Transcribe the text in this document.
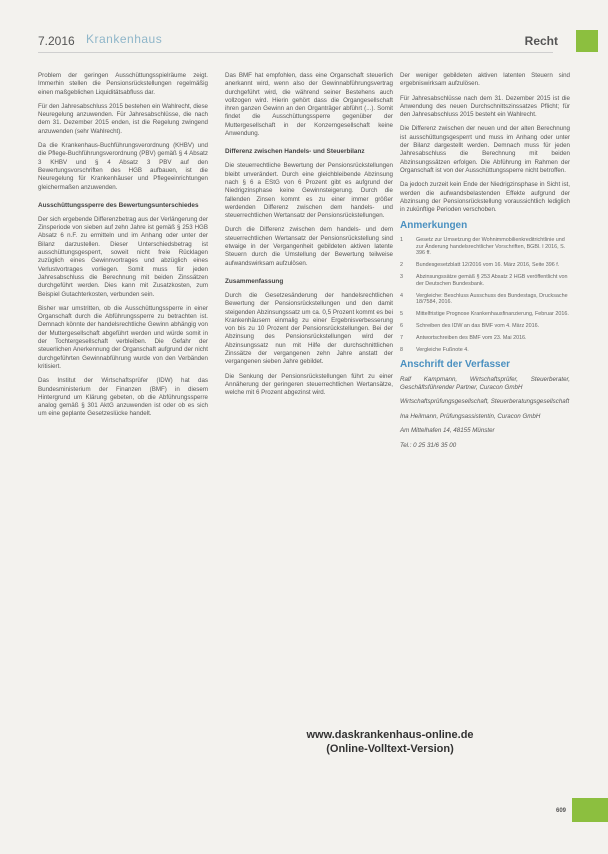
7.2016 Krankenhaus	Recht

Problem der geringen Ausschüttungsspielräume zeigt. Immerhin stellen die Pensionsrückstellungen regelmäßig einen maßgeblichen Liquiditätsabfluss dar.

Für den Jahresabschluss 2015 bestehen ein Wahlrecht, diese Neuregelung anzuwenden. Für Jahresabschlüsse, die nach dem 31. Dezember 2015 enden, ist die Regelung zwingend anzuwenden (sehr Wahlrecht).

Da die Krankenhaus-Buchführungsverordnung (KHBV) und die Pflege-Buchführungsverordnung (PBV) gemäß § 4 Absatz 3 KHBV und § 4 Absatz 3 PBV auf den Bewertungsvorschriften des HGB aufbauen, ist die Neuregelung für Krankenhäuser und Pflegeeinrichtungen gleichermaßen anzuwenden.

Ausschüttungssperre des Bewertungsunterschiedes

Der sich ergebende Differenzbetrag aus der Verlängerung der Zinsperiode von sieben auf zehn Jahre ist gemäß § 253 HGB Absatz 6 n.F. zu ermitteln und im Anhang oder unter der Bilanz darzustellen. Dieser Unterschiedsbetrag ist ausschüttungsgesperrt, soweit nicht freie Rücklagen zuzüglich eines Gewinnvortrages und abzüglich eines Verlustvortrages vorliegen. Somit muss für jeden Jahresabschluss die Berechnung mit beiden Zinssätzen durchgeführt werden. Dies kann mit Zusatzkosten, zum Beispiel Gutachterkosten, verbunden sein.

Bisher war umstritten, ob die Ausschüttungssperre in einer Organschaft durch die Abführungssperre zu betrachten ist. Demnach könnte der handelsrechtliche Gewinn abhängig von der Muttergesellschaft abgeführt werden und würde somit in der Tochtergesellschaft verbleiben. Die Gefahr der steuerlichen Anerkennung der Organschaft aufgrund der nicht durchgeführten Gewinnabführung wurde von den Verbänden kritisiert.

Das Institut der Wirtschaftsprüfer (IDW) hat das Bundesministerium der Finanzen (BMF) in diesem Hintergrund um Klärung gebeten, ob die Abführungssperre analog gemäß § 301 AktG anzuwenden ist oder ob es sich um eine geplante Gesetzeslücke handelt.

Das BMF hat empfohlen, dass eine Organschaft steuerlich anerkannt wird, wenn also der Gewinnabführungsvertrag durchgeführt wird, die während seiner Bestehens auch vollzogen wird. Hierin gehört dass die Organgesellschaft ihren ganzen Gewinn an den Organträger abführt (...). Somit findet die Ausschüttungssperre gegenüber der Muttergesellschaft in der Konzerngesellschaft keine Anwendung.

Differenz zwischen Handels- und Steuerbilanz

Die steuerrechtliche Bewertung der Pensionsrückstellungen bleibt unverändert. Durch eine gleichbleibende Abzinsung nach § 6 a EStG von 6 Prozent gibt es aufgrund der Niedrigzinsphase keine Gewinnsteigerung. Durch die fallenden Zinsen kommt es zu einer immer größer werdenden Differenz zwischen dem handels- und steuerrechtlichen Wertansatz der Pensionsrückstellungen.

Durch die Differenz zwischen dem handels- und dem steuerrechtlichen Wertansatz der Pensionsrückstellung sind etwaige in der Vergangenheit gebildeten aktiven latente Steuern durch die Umstellung der Bewertung teilweise aufwandswirksam aufzulösen.

Zusammenfassung

Durch die Gesetzesänderung der handelsrechtlichen Bewertung der Pensionsrückstellungen und den damit steigenden Abzinsungssatz um ca. 0,5 Prozent kommt es bei Krankenhäusern einmalig zu einer Ergebnisverbesserung von bis zu 10 Prozent der Pensionsrückstellungen. Bei der Abzinsung des Pensionsrückstellungen wird der Abzinsungssatz nun mit Hilfe der durchschnittlichen Zinssätze der vergangenen zehn Jahre anstatt der vergangenen sieben Jahre gebildet.

Die Senkung der Pensionsrückstellungen führt zu einer Annäherung der geringeren steuerrechtlichen Wertansätze, welche mit 6 Prozent abgezinst wird.

Der weniger gebildeten aktiven latenten Steuern sind ergebniswirksam aufzulösen.

Für Jahresabschlüsse nach dem 31. Dezember 2015 ist die Anwendung des neuen Durchschnittszinssatzes Pflicht; für den Jahresabschluss 2015 besteht ein Wahlrecht.

Die Differenz zwischen der neuen und der alten Berechnung ist ausschüttungsgesperrt und muss im Anhang oder unter der Bilanz dargestellt werden. Demnach muss für jeden Jahresabschluss die Berechnung mit beiden Abzinsungssätzen erfolgen. Die Abführung im Rahmen der Organschaft ist von der Ausschüttungssperre nicht betroffen.

Da jedoch zurzeit kein Ende der Niedrigzinsphase in Sicht ist, werden die aufwandsbelastenden Effekte aufgrund der Abzinsung der Pensionsrückstellung voraussichtlich lediglich in zukünftige Perioden verschoben.

Anmerkungen
1	Gesetz zur Umsetzung der Wohnimmobilienkreditrichtlinie und zur Änderung handelsrechtlicher Vorschriften, BGBl. I 2016, S. 396 ff.
2	Bundesgesetzblatt 12/2016 vom 16. März 2016, Seite 396 f.
3	Abzinsungssätze gemäß § 253 Absatz 2 HGB veröffentlicht von der Deutschen Bundesbank.
4	Vergleiche: Beschluss Ausschuss des Bundestags, Drucksache 18/7584, 2016.
5	Mittelfristige Prognose Krankenhausfinanzierung, Februar 2016.
6	Schreiben des IDW an das BMF vom 4. März 2016.
7	Antwortschreiben des BMF vom 23. Mai 2016.
8	Vergleiche Fußnote 4.
Anschrift der Verfasser

Ralf Kampmann, Wirtschaftsprüfer, Steuerberater, Geschäftsführender Partner, Curacon GmbH

Wirtschaftsprüfungsgesellschaft, Steuerberatungsgesellschaft

Ina Heilmann, Prüfungsassistentin, Curacon GmbH

Am Mittelhafen 14, 48155 Münster

Tel.: 0 25 31/6 35 00

www.daskrankenhaus-online.de
(Online-Volltext-Version)
609
